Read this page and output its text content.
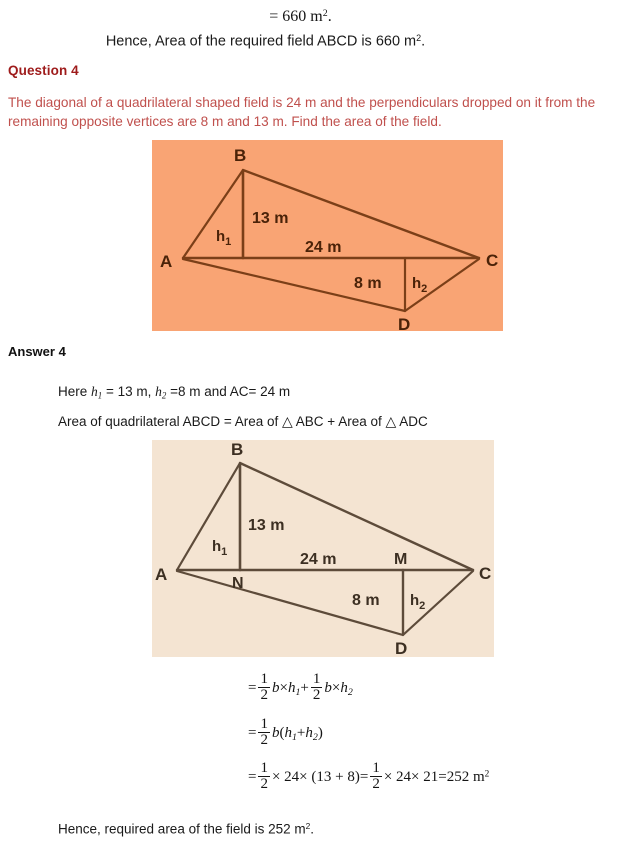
= 660 $m^2$.
Hence, Area of the required field ABCD is 660 $m^2$.
Question 4
The diagonal of a quadrilateral shaped field is 24 m and the perpendiculars dropped on it from the remaining opposite vertices are 8 m and 13 m. Find the area of the field.
B
A	C
D
$h_1$
$h_2$
13 m
24 m
8 m
Answer 4
Here $h_1 = 13$ m, $h_2 =8$ m and AC= 24 m
Area of quadrilateral ABCD = Area of △ ABC + Area of △ ADC
B
A	C
D
N
M
$h_1$
$h_2$
13 m
24 m
8 m
= $\frac{1}{2} b\times h_1+ \frac{1}{2} b\times h_2$
= $\frac{1}{2} b(h_1+h_2)$
= $\frac{1}{2} \times 24\times (13 + 8)= \frac{1}{2} \times 24\times 21=252$ $m^2$
Hence, required area of the field is 252 $m^2$.
